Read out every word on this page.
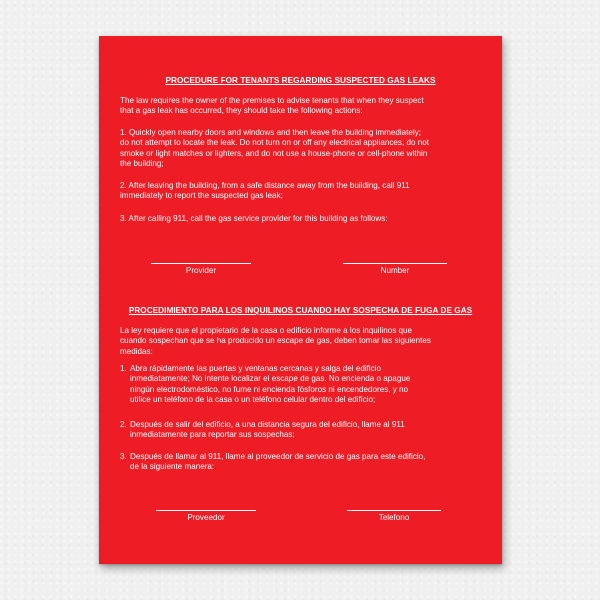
PROCEDURE FOR TENANTS REGARDING SUSPECTED GAS LEAKS
The law requires the owner of the premises to advise tenants that when they suspect
that a gas leak has occurred, they should take the following actions:
1. Quickly open nearby doors and windows and then leave the building immediately;
do not attempt to locate the leak. Do not turn on or off any electrical appliances, do not
smoke or light matches or lighters, and do not use a house-phone or cell-phone within
the building;
2. After leaving the building, from a safe distance away from the building, call 911
immediately to report the suspected gas leak;
3. After calling 911, call the gas service provider for this building as follows:
Provider	Number
PROCEDIMIENTO PARA LOS INQUILINOS CUANDO HAY SOSPECHA DE FUGA DE GAS
La ley requiere que el propietario de la casa o edificio informe a los inquilinos que
cuando sospechan que se ha producido un escape de gas, deben tomar las siguientes
medidas:
1. Abra rápidamente las puertas y ventanas cercanas y salga del edificio
inmediatamente; No intente localizar el escape de gas. No encienda o apague
ningún electrodoméstico, no fume ni encienda fósforos ni encendedores, y no
utilice un teléfono de la casa o un teléfono celular dentro del edificio;
2. Después de salir del edificio, a una distancia segura del edificio, llame al 911
inmediatamente para reportar sus sospechas;
3. Después de llamar al 911, llame al proveedor de servicio de gas para este edificio,
de la siguiente manera:
Proveedor	Telefono
